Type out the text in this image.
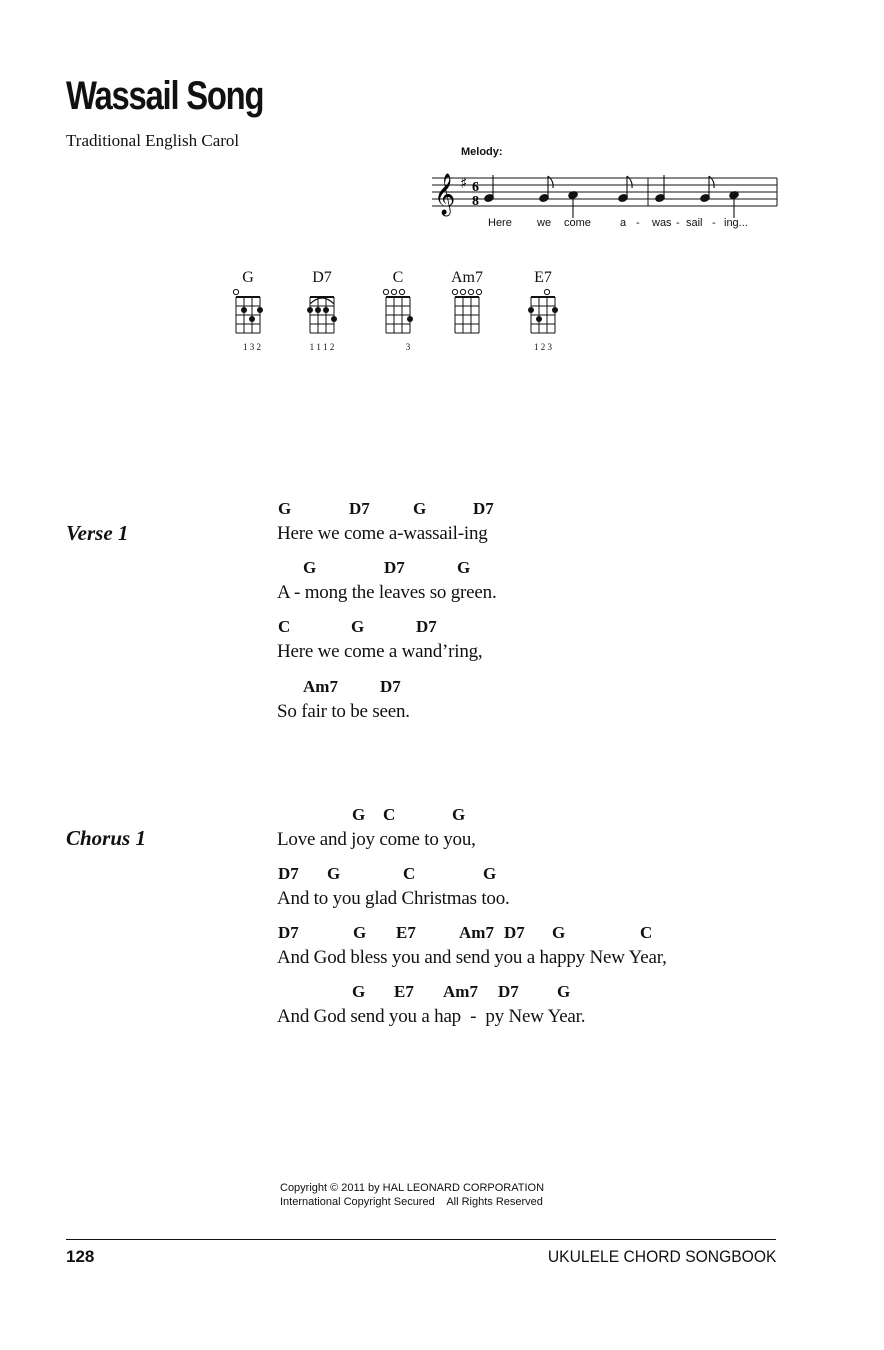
Wassail Song
Traditional English Carol
Melody:
𝄞 ♯ 6
8
Here we come	a - was - sail - ing...
G	D7	C	Am7	E7
1 3 2	1 1 1 2	3	1 2 3
Verse 1
G	D7	G	D7
Here we come a-wassail-ing
G	D7	G
A - mong the leaves so green.
C	G	D7
Here we come a wand’ring,
Am7 D7
So fair to be seen.
Chorus 1
G C	G
Love and joy come to you,
D7 G	C	G
And to you glad Christmas too.
D7	G E7	Am7 D7 G	C
And God bless you and send you a happy New Year,
G E7 Am7 D7 G
And God send you a hap  -  py New Year.
Copyright © 2011 by HAL LEONARD CORPORATION
International Copyright Secured    All Rights Reserved
128	UKULELE CHORD SONGBOOK
